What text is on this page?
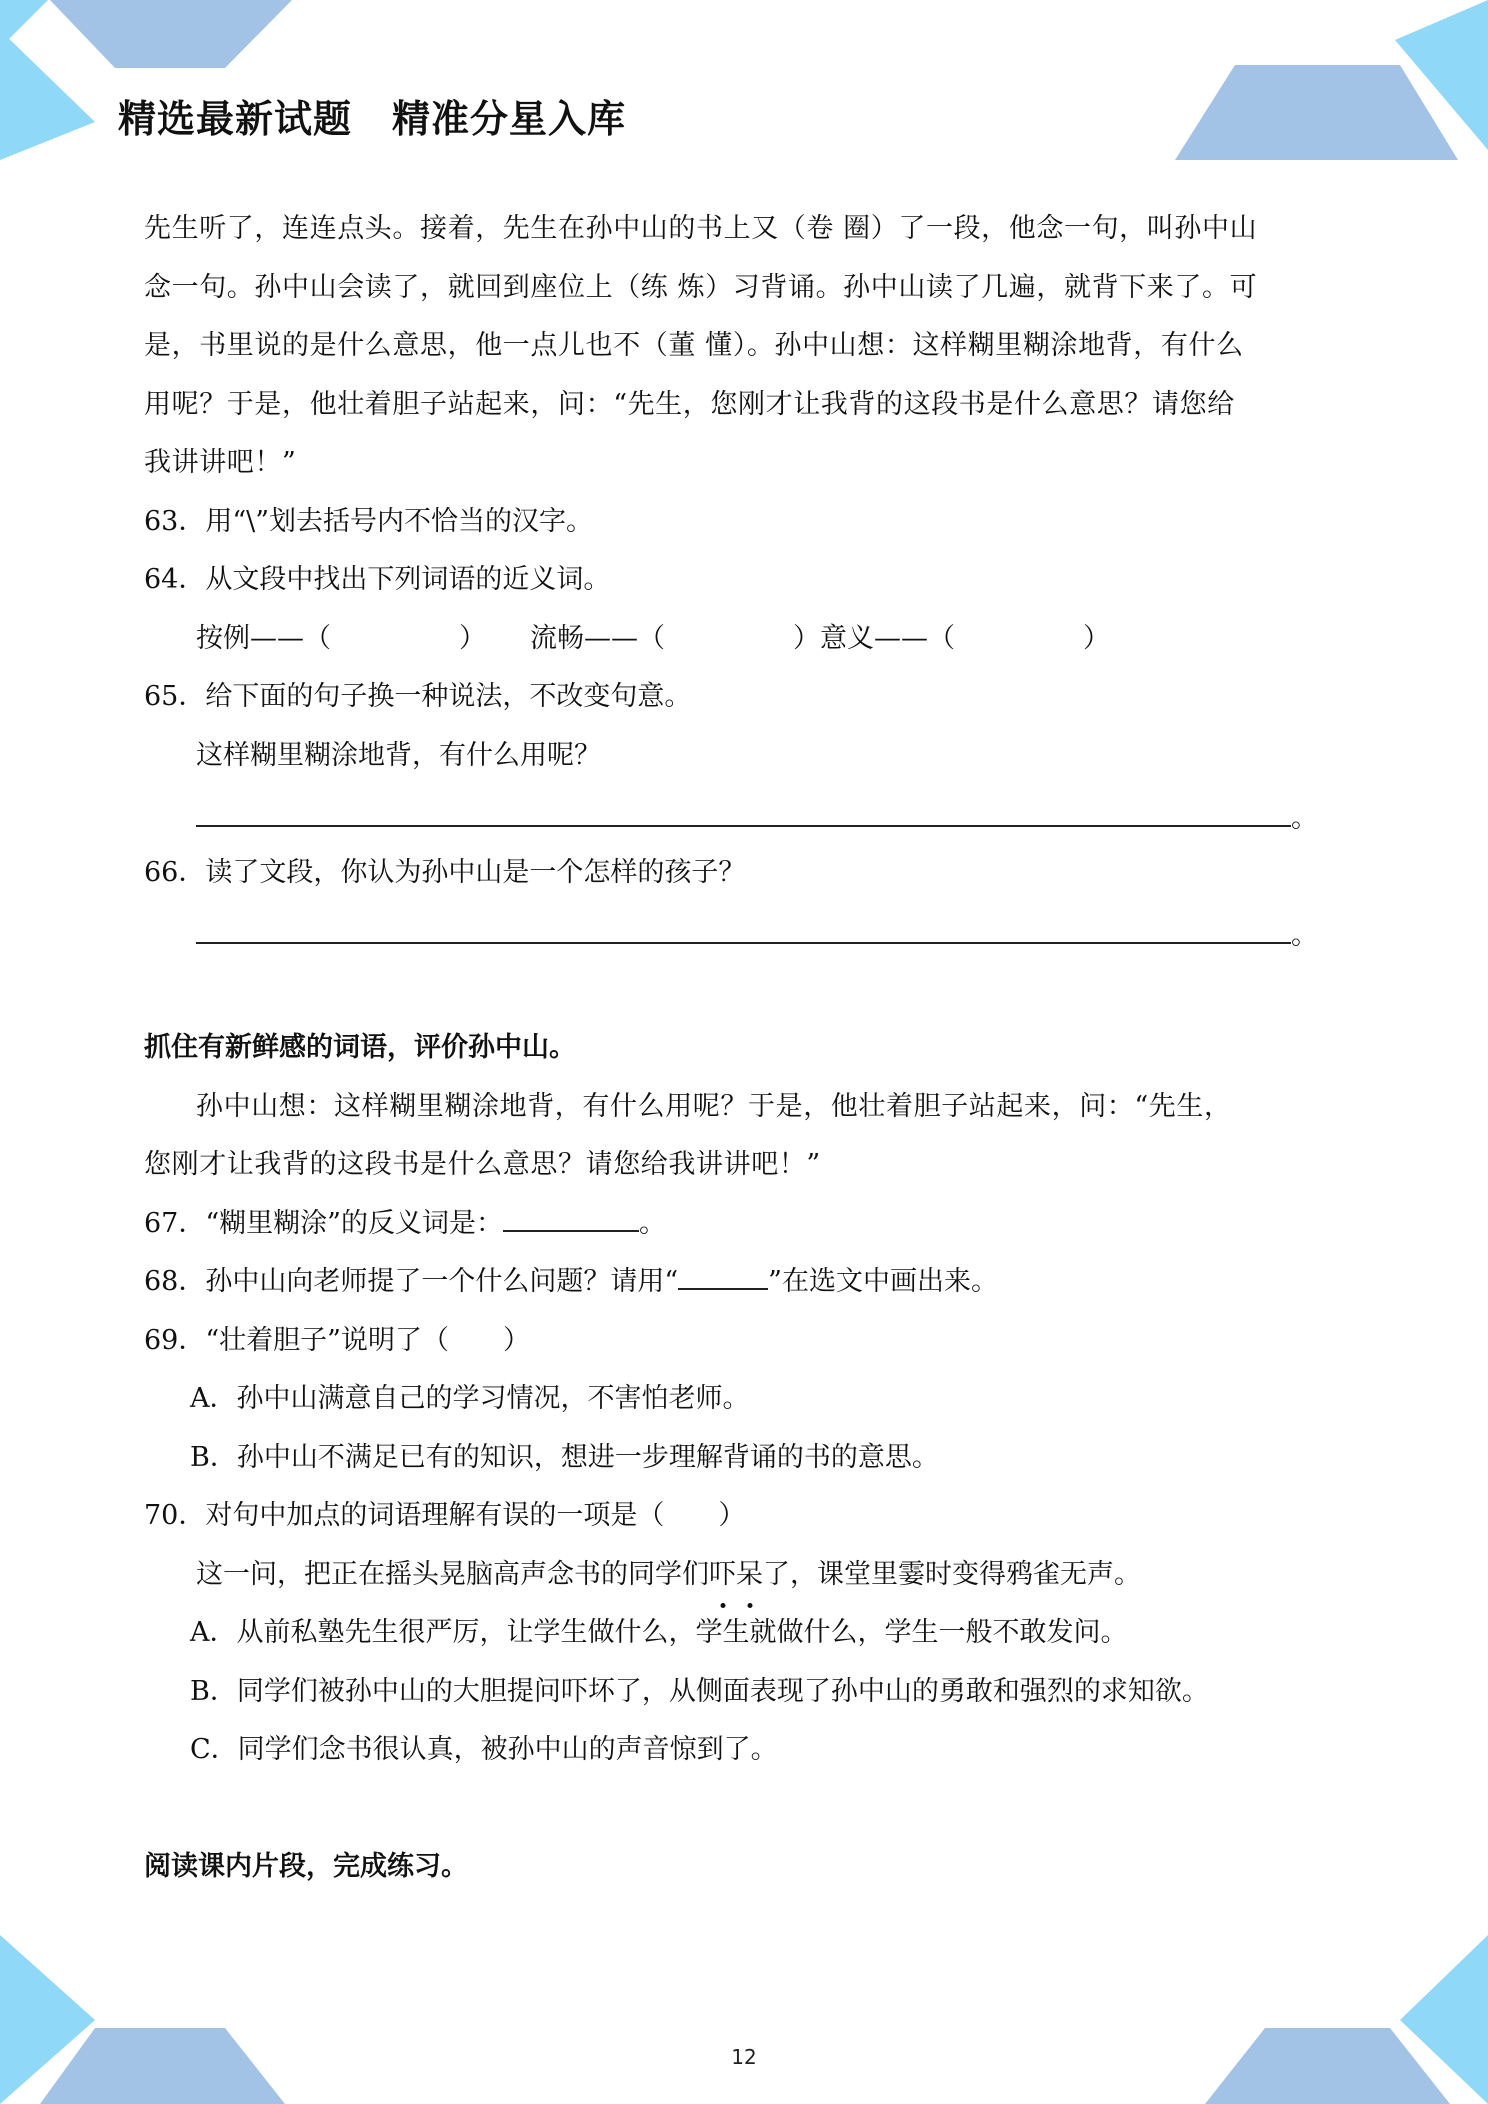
精选最新试题 精准分星入库

先生听了，连连点头。接着，先生在孙中山的书上又（卷 圈）了一段，他念一句，叫孙中山

念一句。孙中山会读了，就回到座位上（练 炼）习背诵。孙中山读了几遍，就背下来了。可

是，书里说的是什么意思，他一点儿也不（董 懂）。孙中山想：这样糊里糊涂地背，有什么

用呢？于是，他壮着胆子站起来，问：“先生，您刚才让我背的这段书是什么意思？请您给

我讲讲吧！”

63．用“\”划去括号内不恰当的汉字。

64．从文段中找出下列词语的近义词。

按例——（	） 流畅——（	）意义——（	）

65．给下面的句子换一种说法，不改变句意。

这样糊里糊涂地背，有什么用呢？

。

66．读了文段，你认为孙中山是一个怎样的孩子？

。

抓住有新鲜感的词语，评价孙中山。

孙中山想：这样糊里糊涂地背，有什么用呢？于是，他壮着胆子站起来，问：“先生，

您刚才让我背的这段书是什么意思？请您给我讲讲吧！”

67．“糊里糊涂”的反义词是：	。

68．孙中山向老师提了一个什么问题？请用“	”在选文中画出来。

69．“壮着胆子”说明了（　　）

A．孙中山满意自己的学习情况，不害怕老师。

B．孙中山不满足已有的知识，想进一步理解背诵的书的意思。

70．对句中加点的词语理解有误的一项是（　　）

这一问，把正在摇头晃脑高声念书的同学们吓呆了，课堂里霎时变得鸦雀无声。

A．从前私塾先生很严厉，让学生做什么，学生就做什么，学生一般不敢发问。

B．同学们被孙中山的大胆提问吓坏了，从侧面表现了孙中山的勇敢和强烈的求知欲。

C．同学们念书很认真，被孙中山的声音惊到了。

阅读课内片段，完成练习。

12
